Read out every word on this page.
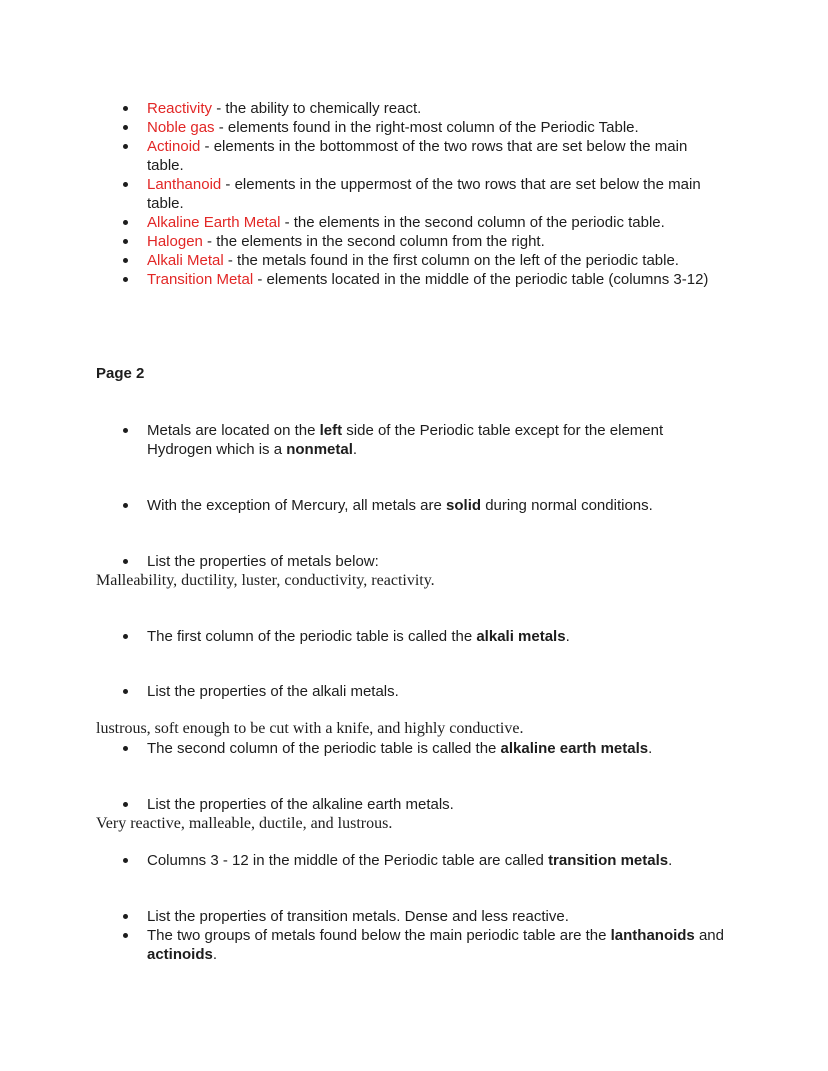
Reactivity - the ability to chemically react.
Noble gas - elements found in the right-most column of the Periodic Table.
Actinoid - elements in the bottommost of the two rows that are set below the main table.
Lanthanoid - elements in the uppermost of the two rows that are set below the main table.
Alkaline Earth Metal - the elements in the second column of the periodic table.
Halogen - the elements in the second column from the right.
Alkali Metal - the metals found in the first column on the left of the periodic table.
Transition Metal - elements located in the middle of the periodic table (columns 3-12)
Page 2
Metals are located on the left side of the Periodic table except for the element Hydrogen which is a nonmetal.
With the exception of Mercury, all metals are solid during normal conditions.
List the properties of metals below:

Malleability, ductility, luster, conductivity, reactivity.

The first column of the periodic table is called the alkali metals.
List the properties of the alkali metals.

lustrous, soft enough to be cut with a knife, and highly conductive.

The second column of the periodic table is called the alkaline earth metals.
List the properties of the alkaline earth metals.

Very reactive, malleable, ductile, and lustrous.

Columns 3 - 12 in the middle of the Periodic table are called transition metals.
List the properties of transition metals. Dense and less reactive.
The two groups of metals found below the main periodic table are the lanthanoids and actinoids.
